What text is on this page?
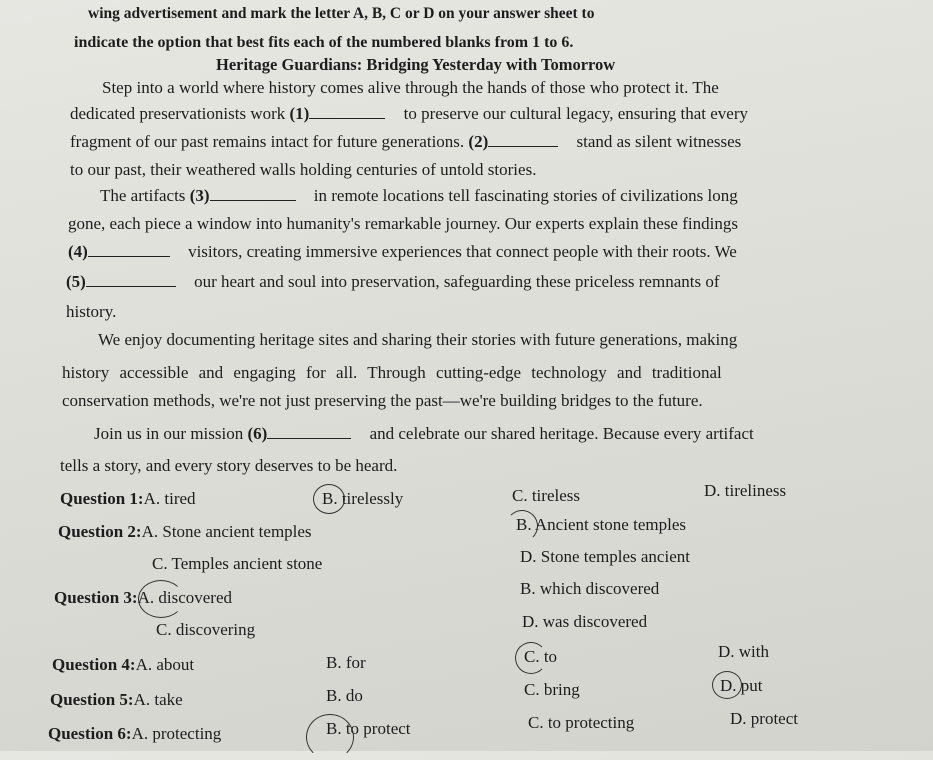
wing advertisement and mark the letter A, B, C or D on your answer sheet to
indicate the option that best fits each of the numbered blanks from 1 to 6.
Heritage Guardians: Bridging Yesterday with Tomorrow
Step into a world where history comes alive through the hands of those who protect it. The
dedicated preservationists work (1)	to preserve our cultural legacy, ensuring that every
fragment of our past remains intact for future generations. (2)	stand as silent witnesses
to our past, their weathered walls holding centuries of untold stories.
The artifacts (3)	in remote locations tell fascinating stories of civilizations long
gone, each piece a window into humanity's remarkable journey. Our experts explain these findings
(4)	visitors, creating immersive experiences that connect people with their roots. We
(5)	our heart and soul into preservation, safeguarding these priceless remnants of
history.
We enjoy documenting heritage sites and sharing their stories with future generations, making
history accessible and engaging for all. Through cutting-edge technology and traditional
conservation methods, we're not just preserving the past—we're building bridges to the future.
Join us in our mission (6)	and celebrate our shared heritage. Because every artifact
tells a story, and every story deserves to be heard.
Question 1:A. tired	B. tirelessly	C. tireless	D. tireliness
Question 2:A. Stone ancient temples	B. Ancient stone temples
C. Temples ancient stone	D. Stone temples ancient
Question 3:A. discovered	B. which discovered
C. discovering	D. was discovered
Question 4:A. about	B. for	C. to	D. with
Question 5:A. take	B. do	C. bring	D. put
Question 6:A. protecting	B. to protect	C. to protecting	D. protect
